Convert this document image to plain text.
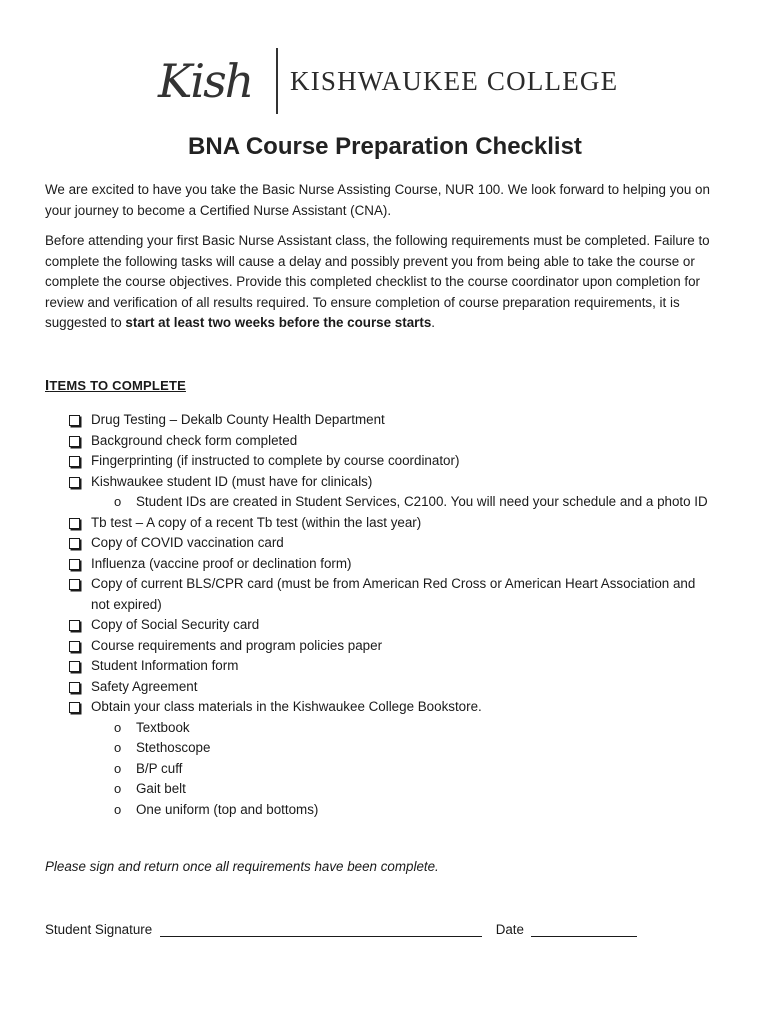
Kish	KISHWAUKEE COLLEGE
BNA Course Preparation Checklist
We are excited to have you take the Basic Nurse Assisting Course, NUR 100. We look forward to helping you on your journey to become a Certified Nurse Assistant (CNA).
Before attending your first Basic Nurse Assistant class, the following requirements must be completed. Failure to complete the following tasks will cause a delay and possibly prevent you from being able to take the course or complete the course objectives. Provide this completed checklist to the course coordinator upon completion for review and verification of all results required. To ensure completion of course preparation requirements, it is suggested to start at least two weeks before the course starts.
ITEMS TO COMPLETE
Drug Testing – Dekalb County Health Department
Background check form completed
Fingerprinting (if instructed to complete by course coordinator)
Kishwaukee student ID (must have for clinicals)
o Student IDs are created in Student Services, C2100. You will need your schedule and a photo ID
Tb test – A copy of a recent Tb test (within the last year)
Copy of COVID vaccination card
Influenza (vaccine proof or declination form)
Copy of current BLS/CPR card (must be from American Red Cross or American Heart Association and
not expired)
Copy of Social Security card
Course requirements and program policies paper
Student Information form
Safety Agreement
Obtain your class materials in the Kishwaukee College Bookstore.
o Textbook
o Stethoscope
o B/P cuff
o Gait belt
o One uniform (top and bottoms)
Please sign and return once all requirements have been complete.
Student Signature	Date
